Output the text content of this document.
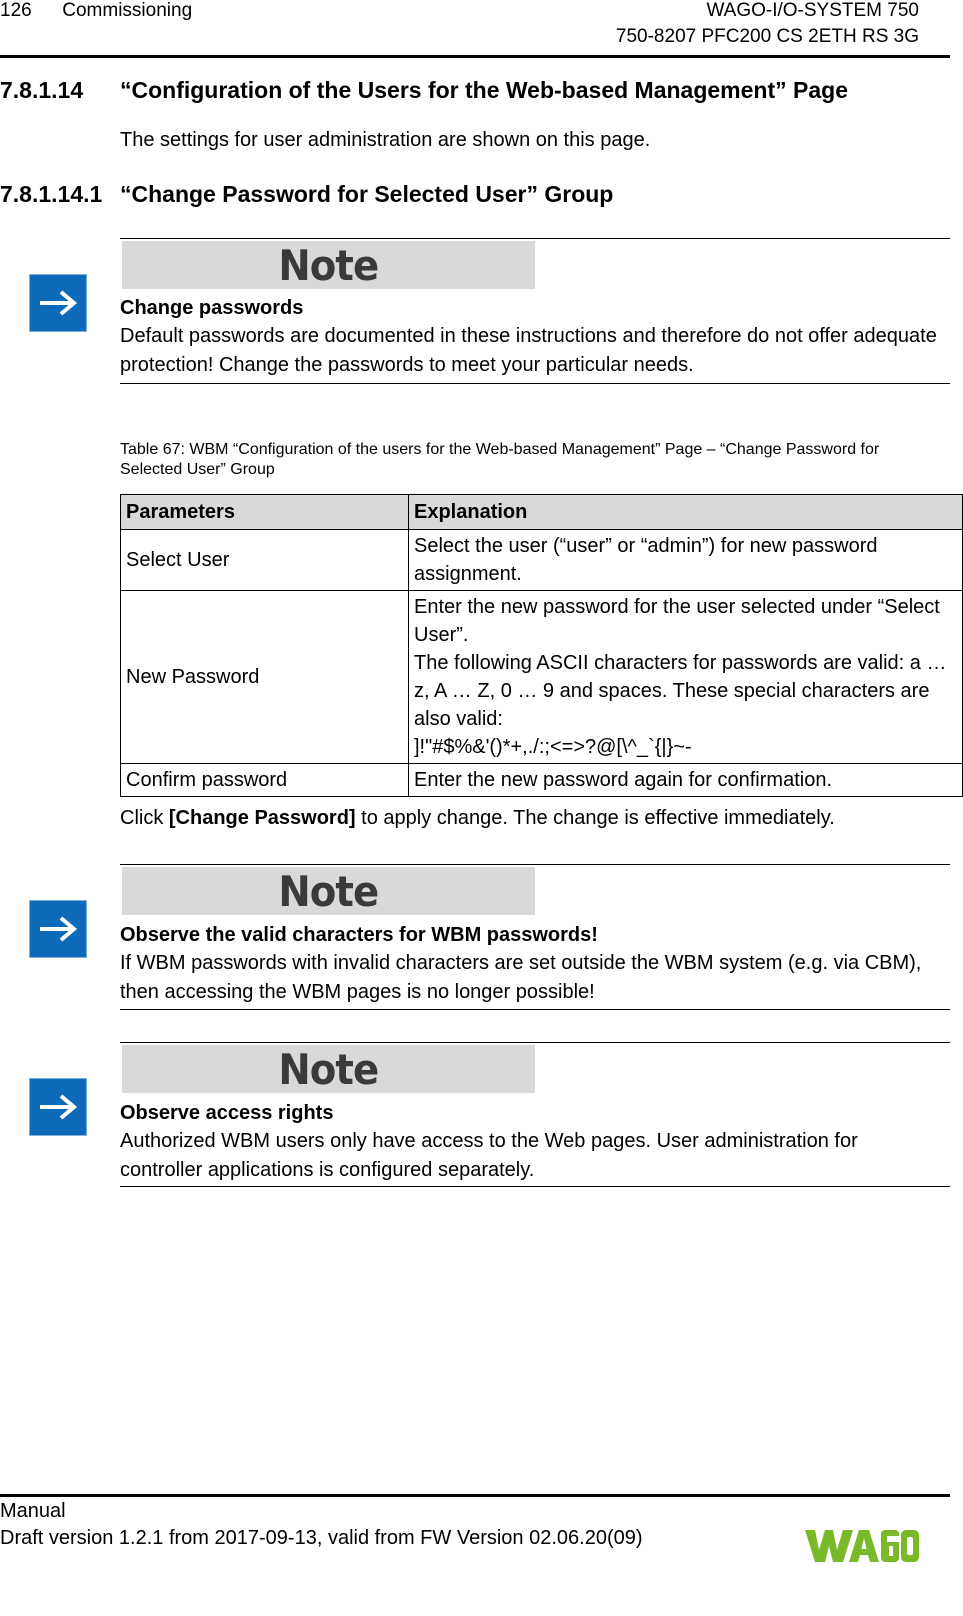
126 Commissioning	WAGO-I/O-SYSTEM 750
750-8207 PFC200 CS 2ETH RS 3G
7.8.1.14 “Configuration of the Users for the Web-based Management” Page
The settings for user administration are shown on this page.
7.8.1.14.1 “Change Password for Selected User” Group
Note
Change passwords
Default passwords are documented in these instructions and therefore do not offer adequate protection! Change the passwords to meet your particular needs.
Table 67: WBM “Configuration of the users for the Web-based Management” Page – “Change Password for Selected User” Group
Parameters	Explanation
Select User	Select the user (“user” or “admin”) for new password assignment.
New Password	Enter the new password for the user selected under “Select User”.
The following ASCII characters for passwords are valid: a … z, A … Z, 0 … 9 and spaces. These special characters are also valid:
]!"#$%&'()*+,./:;<=>?@[\^_`{|}~-

Confirm password	Enter the new password again for confirmation.
Click [Change Password] to apply change. The change is effective immediately.
Note
Observe the valid characters for WBM passwords!
If WBM passwords with invalid characters are set outside the WBM system (e.g. via CBM), then accessing the WBM pages is no longer possible!
Note
Observe access rights
Authorized WBM users only have access to the Web pages. User administration for controller applications is configured separately.
Manual
Draft version 1.2.1 from 2017-09-13, valid from FW Version 02.06.20(09)
WAGO
